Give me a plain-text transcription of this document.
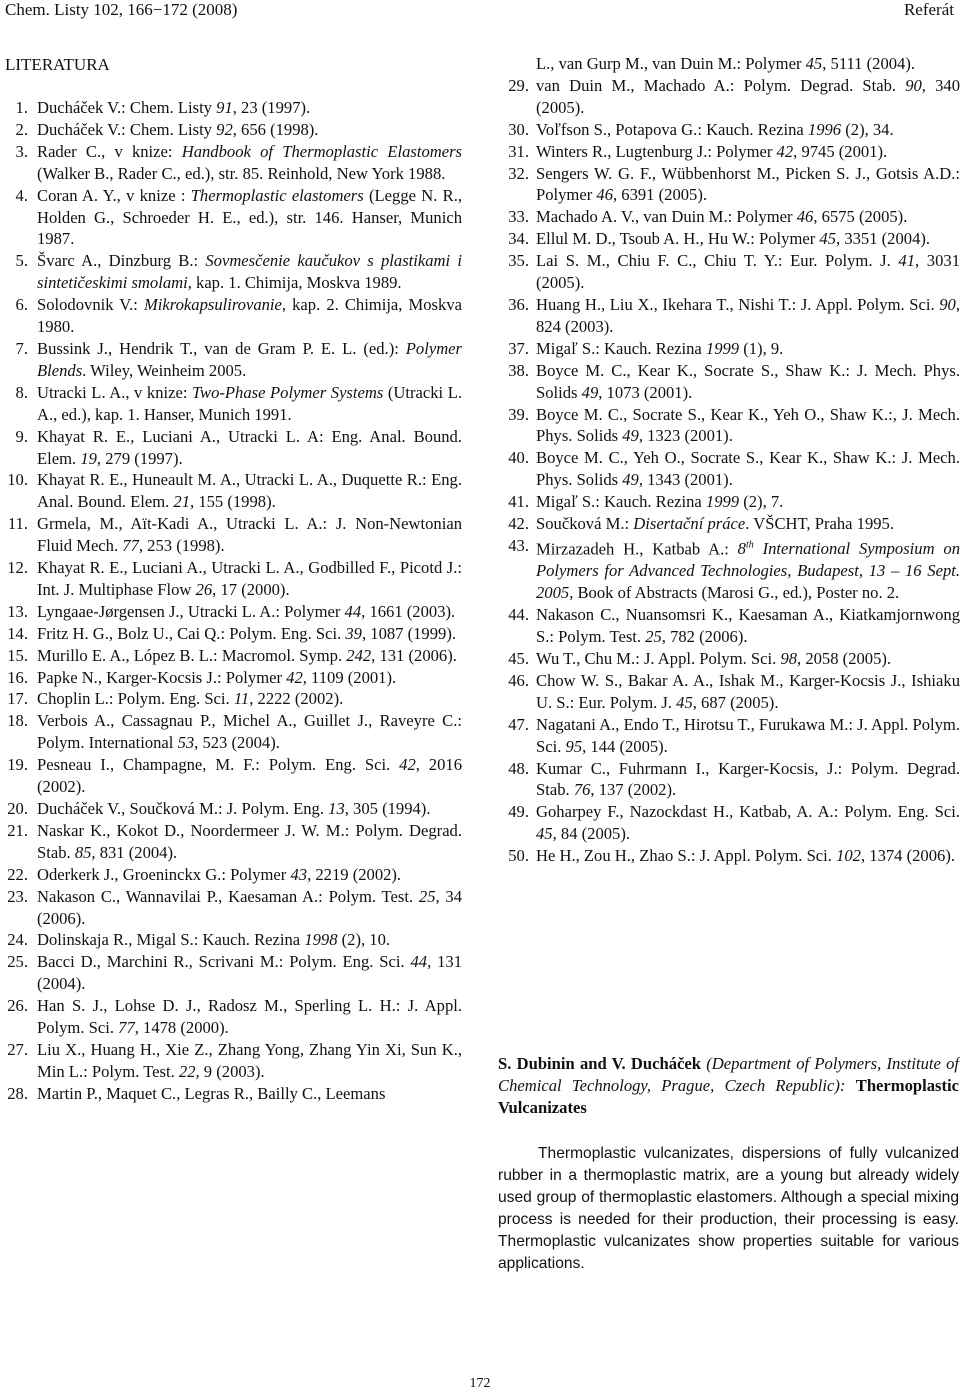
Chem. Listy 102, 166−172 (2008)	Referát
LITERATURA
1. Ducháček V.: Chem. Listy 91, 23 (1997).
2. Ducháček V.: Chem. Listy 92, 656 (1998).
3. Rader C., v knize: Handbook of Thermoplastic Elastomers (Walker B., Rader C., ed.), str. 85. Reinhold, New York 1988.
4. Coran A. Y., v knize : Thermoplastic elastomers (Legge N. R., Holden G., Schroeder H. E., ed.), str. 146. Hanser, Munich 1987.
5. Švarc A., Dinzburg B.: Sovmesčenie kaučukov s plastikami i sintetičeskimi smolami, kap. 1. Chimija, Moskva 1989.
6. Solodovnik V.: Mikrokapsulirovanie, kap. 2. Chimija, Moskva 1980.
7. Bussink J., Hendrik T., van de Gram P. E. L. (ed.): Polymer Blends. Wiley, Weinheim 2005.
8. Utracki L. A., v knize: Two-Phase Polymer Systems (Utracki L. A., ed.), kap. 1. Hanser, Munich 1991.
9. Khayat R. E., Luciani A., Utracki L. A: Eng. Anal. Bound. Elem. 19, 279 (1997).
10. Khayat R. E., Huneault M. A., Utracki L. A., Duquette R.: Eng. Anal. Bound. Elem. 21, 155 (1998).
11. Grmela, M., Aït-Kadi A., Utracki L. A.: J. Non-Newtonian Fluid Mech. 77, 253 (1998).
12. Khayat R. E., Luciani A., Utracki L. A., Godbilled F., Picotd J.: Int. J. Multiphase Flow 26, 17 (2000).
13. Lyngaae-Jørgensen J., Utracki L. A.: Polymer 44, 1661 (2003).
14. Fritz H. G., Bolz U., Cai Q.: Polym. Eng. Sci. 39, 1087 (1999).
15. Murillo E. A., López B. L.: Macromol. Symp. 242, 131 (2006).
16. Papke N., Karger-Kocsis J.: Polymer 42, 1109 (2001).
17. Choplin L.: Polym. Eng. Sci. 11, 2222 (2002).
18. Verbois A., Cassagnau P., Michel A., Guillet J., Raveyre C.: Polym. International 53, 523 (2004).
19. Pesneau I., Champagne, M. F.: Polym. Eng. Sci. 42, 2016 (2002).
20. Ducháček V., Součková M.: J. Polym. Eng. 13, 305 (1994).
21. Naskar K., Kokot D., Noordermeer J. W. M.: Polym. Degrad. Stab. 85, 831 (2004).
22. Oderkerk J., Groeninckx G.: Polymer 43, 2219 (2002).
23. Nakason C., Wannavilai P., Kaesaman A.: Polym. Test. 25, 34 (2006).
24. Dolinskaja R., Migal S.: Kauch. Rezina 1998 (2), 10.
25. Bacci D., Marchini R., Scrivani M.: Polym. Eng. Sci. 44, 131 (2004).
26. Han S. J., Lohse D. J., Radosz M., Sperling L. H.: J. Appl. Polym. Sci. 77, 1478 (2000).
27. Liu X., Huang H., Xie Z., Zhang Yong, Zhang Yin Xi, Sun K., Min L.: Polym. Test. 22, 9 (2003).
28. Martin P., Maquet C., Legras R., Bailly C., Leemans
L., van Gurp M., van Duin M.: Polymer 45, 5111 (2004).
29. van Duin M., Machado A.: Polym. Degrad. Stab. 90, 340 (2005).
30. Voľfson S., Potapova G.: Kauch. Rezina 1996 (2), 34.
31. Winters R., Lugtenburg J.: Polymer 42, 9745 (2001).
32. Sengers W. G. F., Wübbenhorst M., Picken S. J., Gotsis A.D.: Polymer 46, 6391 (2005).
33. Machado A. V., van Duin M.: Polymer 46, 6575 (2005).
34. Ellul M. D., Tsoub A. H., Hu W.: Polymer 45, 3351 (2004).
35. Lai S. M., Chiu F. C., Chiu T. Y.: Eur. Polym. J. 41, 3031 (2005).
36. Huang H., Liu X., Ikehara T., Nishi T.: J. Appl. Polym. Sci. 90, 824 (2003).
37. Migaľ S.: Kauch. Rezina 1999 (1), 9.
38. Boyce M. C., Kear K., Socrate S., Shaw K.: J. Mech. Phys. Solids 49, 1073 (2001).
39. Boyce M. C., Socrate S., Kear K., Yeh O., Shaw K.:, J. Mech. Phys. Solids 49, 1323 (2001).
40. Boyce M. C., Yeh O., Socrate S., Kear K., Shaw K.: J. Mech. Phys. Solids 49, 1343 (2001).
41. Migaľ S.: Kauch. Rezina 1999 (2), 7.
42. Součková M.: Disertační práce. VŠCHT, Praha 1995.
43. Mirzazadeh H., Katbab A.: 8th International Symposium on Polymers for Advanced Technologies, Budapest, 13 – 16 Sept. 2005, Book of Abstracts (Marosi G., ed.), Poster no. 2.
44. Nakason C., Nuansomsri K., Kaesaman A., Kiatkamjornwong S.: Polym. Test. 25, 782 (2006).
45. Wu T., Chu M.: J. Appl. Polym. Sci. 98, 2058 (2005).
46. Chow W. S., Bakar A. A., Ishak M., Karger-Kocsis J., Ishiaku U. S.: Eur. Polym. J. 45, 687 (2005).
47. Nagatani A., Endo T., Hirotsu T., Furukawa M.: J. Appl. Polym. Sci. 95, 144 (2005).
48. Kumar C., Fuhrmann I., Karger-Kocsis, J.: Polym. Degrad. Stab. 76, 137 (2002).
49. Goharpey F., Nazockdast H., Katbab, A. A.: Polym. Eng. Sci. 45, 84 (2005).
50. He H., Zou H., Zhao S.: J. Appl. Polym. Sci. 102, 1374 (2006).
S. Dubinin and V. Ducháček (Department of Polymers, Institute of Chemical Technology, Prague, Czech Republic): Thermoplastic Vulcanizates
Thermoplastic vulcanizates, dispersions of fully vulcanized rubber in a thermoplastic matrix, are a young but already widely used group of thermoplastic elastomers. Although a special mixing process is needed for their production, their processing is easy. Thermoplastic vulcanizates show properties suitable for various applications.
172
